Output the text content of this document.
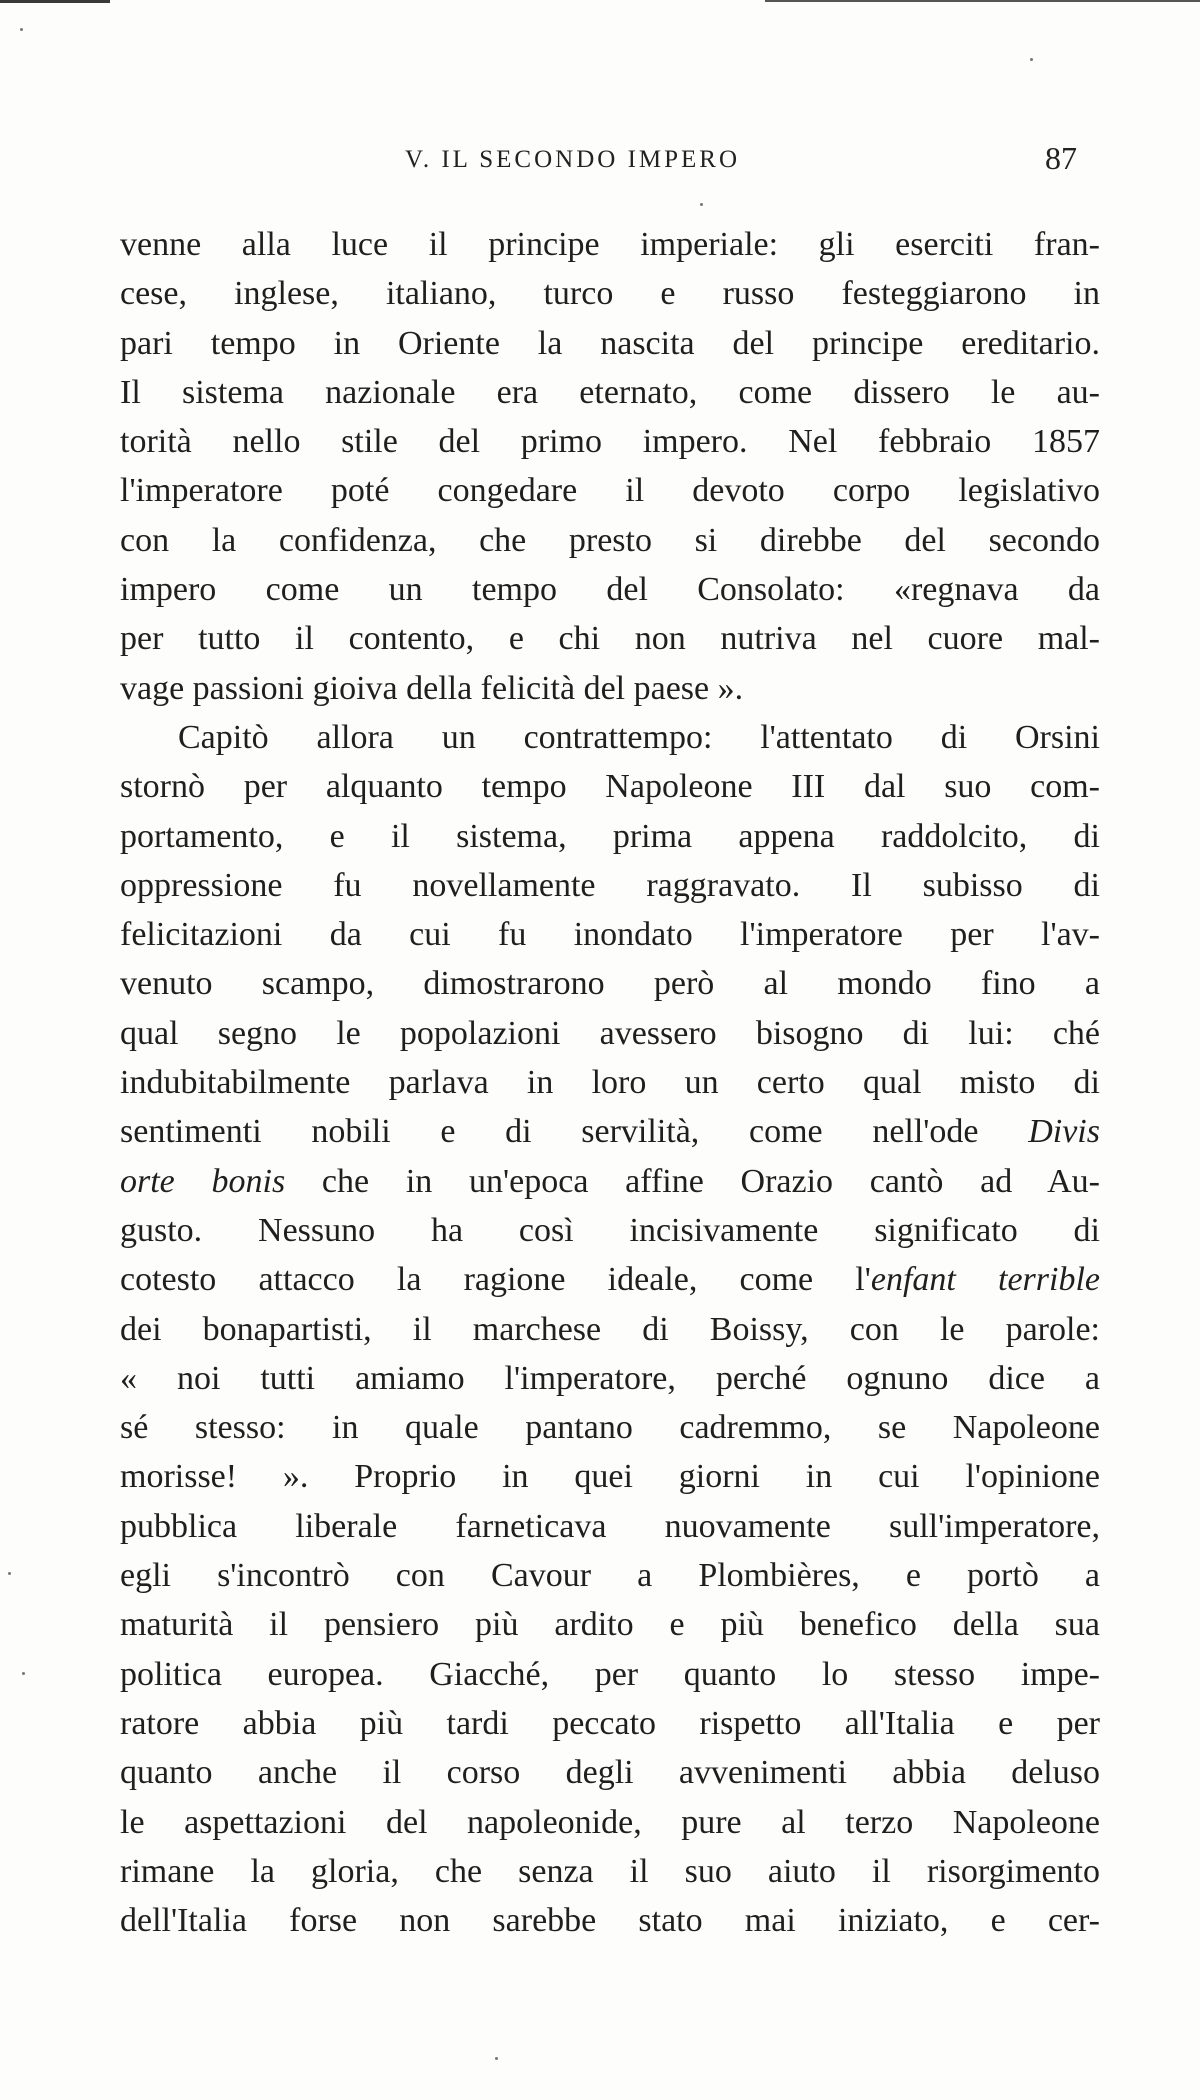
V. IL SECONDO IMPERO	87
venne alla luce il principe imperiale: gli eserciti fran-
cese, inglese, italiano, turco e russo festeggiarono in
pari tempo in Oriente la nascita del principe ereditario.
Il sistema nazionale era eternato, come dissero le au-
torità nello stile del primo impero. Nel febbraio 1857
l'imperatore poté congedare il devoto corpo legislativo
con la confidenza, che presto si direbbe del secondo
impero come un tempo del Consolato: «regnava da
per tutto il contento, e chi non nutriva nel cuore mal-
vage passioni gioiva della felicità del paese ».
Capitò allora un contrattempo: l'attentato di Orsini
stornò per alquanto tempo Napoleone III dal suo com-
portamento, e il sistema, prima appena raddolcito, di
oppressione fu novellamente raggravato. Il subisso di
felicitazioni da cui fu inondato l'imperatore per l'av-
venuto scampo, dimostrarono però al mondo fino a
qual segno le popolazioni avessero bisogno di lui: ché
indubitabilmente parlava in loro un certo qual misto di
sentimenti nobili e di servilità, come nell'ode Divis
orte bonis che in un'epoca affine Orazio cantò ad Au-
gusto. Nessuno ha così incisivamente significato di
cotesto attacco la ragione ideale, come l'enfant terrible
dei bonapartisti, il marchese di Boissy, con le parole:
« noi tutti amiamo l'imperatore, perché ognuno dice a
sé stesso: in quale pantano cadremmo, se Napoleone
morisse! ». Proprio in quei giorni in cui l'opinione
pubblica liberale farneticava nuovamente sull'imperatore,
egli s'incontrò con Cavour a Plombières, e portò a
maturità il pensiero più ardito e più benefico della sua
politica europea. Giacché, per quanto lo stesso impe-
ratore abbia più tardi peccato rispetto all'Italia e per
quanto anche il corso degli avvenimenti abbia deluso
le aspettazioni del napoleonide, pure al terzo Napoleone
rimane la gloria, che senza il suo aiuto il risorgimento
dell'Italia forse non sarebbe stato mai iniziato, e cer-
